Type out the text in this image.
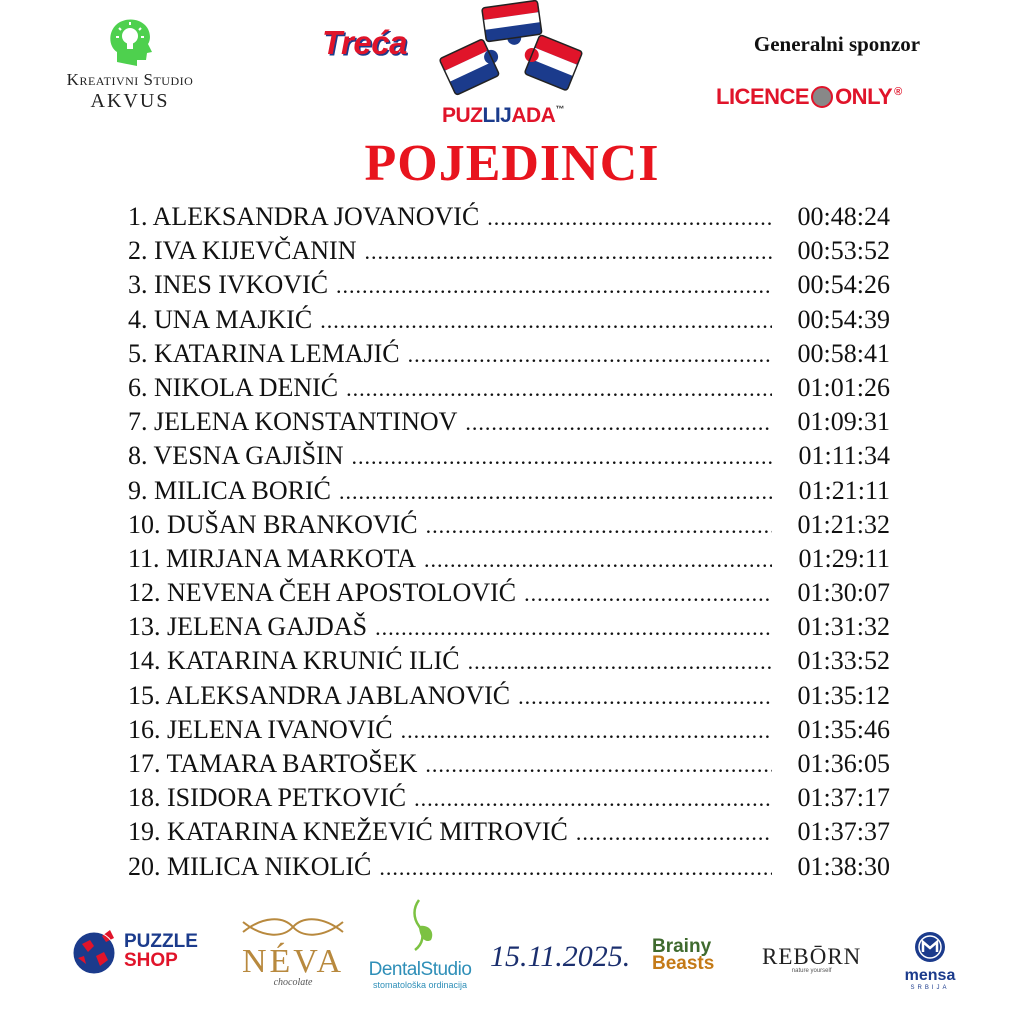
Kreativni Studio
AKVUS
Treća
PUZLIJADA™
Generalni sponzor
LICENCE ONLY ®
POJEDINCI
1. ALEKSANDRA JOVANOVIĆ .....	00:48:24
2. IVA KIJEVČANIN .....	00:53:52
3. INES IVKOVIĆ .....	00:54:26
4. UNA MAJKIĆ .....	00:54:39
5. KATARINA LEMAJIĆ .....	00:58:41
6. NIKOLA DENIĆ .....	01:01:26
7. JELENA KONSTANTINOV .....	01:09:31
8. VESNA GAJIŠIN .....	01:11:34
9. MILICA BORIĆ .....	01:21:11
10. DUŠAN BRANKOVIĆ .....	01:21:32
11. MIRJANA MARKOTA .....	01:29:11
12. NEVENA ČEH APOSTOLOVIĆ .....	01:30:07
13. JELENA GAJDAŠ .....	01:31:32
14. KATARINA KRUNIĆ ILIĆ .....	01:33:52
15. ALEKSANDRA JABLANOVIĆ .....	01:35:12
16. JELENA IVANOVIĆ .....	01:35:46
17. TAMARA BARTOŠEK .....	01:36:05
18. ISIDORA PETKOVIĆ .....	01:37:17
19. KATARINA KNEŽEVIĆ MITROVIĆ .....	01:37:37
20. MILICA NIKOLIĆ .....	01:38:30
PUZZLE
SHOP	NÉVA
chocolate
DentalStudio
stomatološka ordinacija
15.11.2025. Brainy
Beasts REBŌRN
nature yourself	mensa
SRBIJA
